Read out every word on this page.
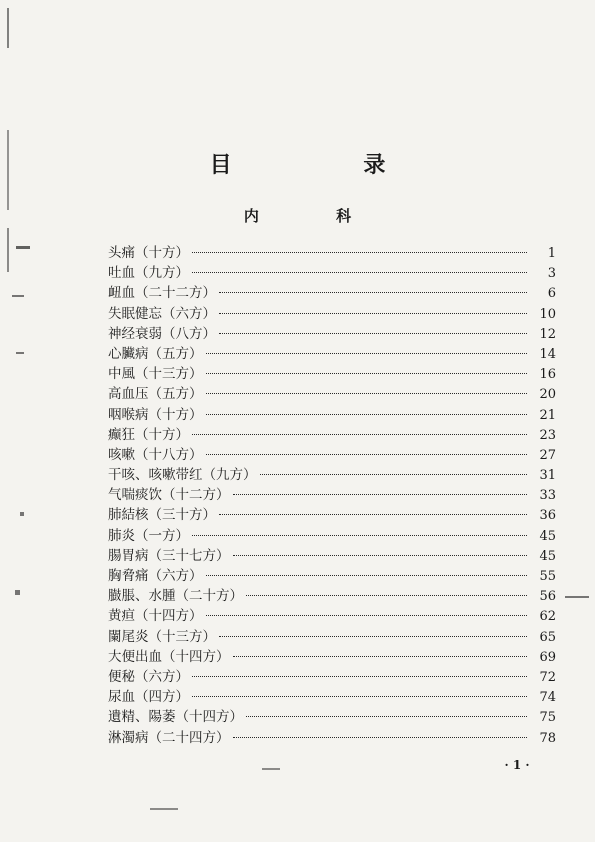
目 录
内 科
头痛（十方）	1
吐血（九方）	3
衄血（二十二方）	6
失眠健忘（六方）	10
神经衰弱（八方）	12
心臟病（五方）	14
中風（十三方）	16
高血压（五方）	20
咽喉病（十方）	21
癫狂（十方）	23
咳嗽（十八方）	27
干咳、咳嗽带红（九方）	31
气喘痰饮（十二方）	33
肺結核（三十方）	36
肺炎（一方）	45
腸胃病（三十七方）	45
胸脅痛（六方）	55
臌脹、水腫（二十方）	56
黄疸（十四方）	62
闌尾炎（十三方）	65
大便出血（十四方）	69
便秘（六方）	72
尿血（四方）	74
遺精、陽萎（十四方）	75
淋濁病（二十四方）	78
· 1 ·
